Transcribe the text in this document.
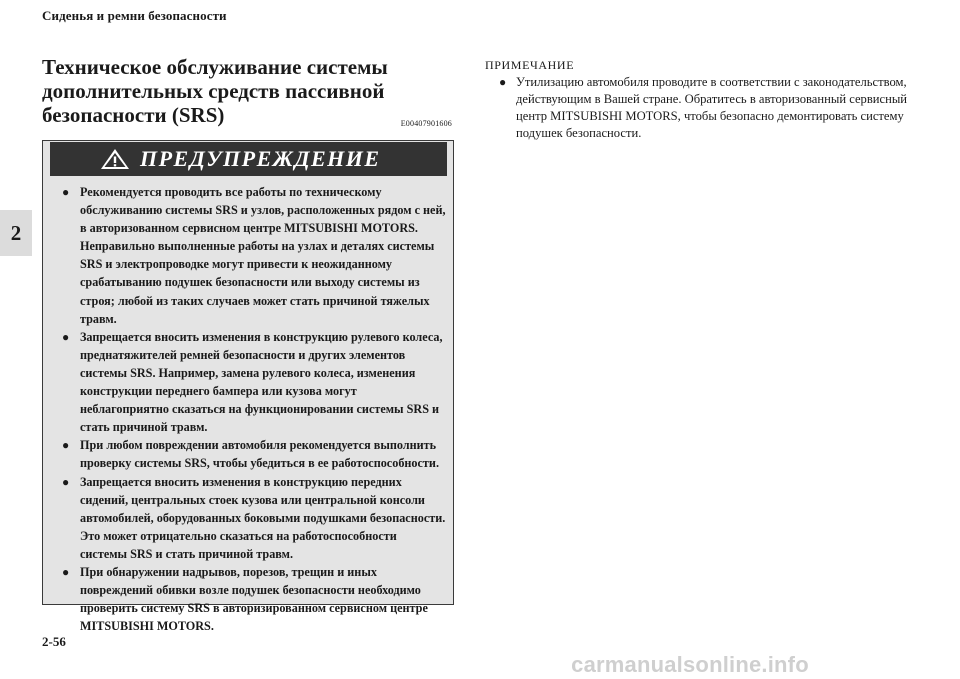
Сиденья и ремни безопасности
2
Техническое обслуживание системы дополнительных средств пассивной безопасности (SRS)	E00407901606
ПРЕДУПРЕЖДЕНИЕ
● Рекомендуется проводить все работы по техническому обслуживанию системы SRS и узлов, расположенных рядом с ней, в авторизованном сервисном центре MITSUBISHI MOTORS.

Неправильно выполненные работы на узлах и деталях системы SRS и электропроводке могут привести к неожиданному срабатыванию подушек безопасности или выходу системы из строя; любой из таких случаев может стать причиной тяжелых травм.

● Запрещается вносить изменения в конструкцию рулевого колеса, преднатяжителей ремней безопасности и других элементов системы SRS. Например, замена рулевого колеса, изменения конструкции переднего бампера или кузова могут неблагоприятно сказаться на функционировании системы SRS и стать причиной травм.

● При любом повреждении автомобиля рекомендуется выполнить проверку системы SRS, чтобы убедиться в ее работоспособности.

● Запрещается вносить изменения в конструкцию передних сидений, центральных стоек кузова или центральной консоли автомобилей, оборудованных боковыми подушками безопасности.

Это может отрицательно сказаться на работоспособности системы SRS и стать причиной травм.

● При обнаружении надрывов, порезов, трещин и иных повреждений обивки возле подушек безопасности необходимо проверить систему SRS в авторизированном сервисном центре MITSUBISHI MOTORS.

ПРИМЕЧАНИЕ
● Утилизацию автомобиля проводите в соответствии с законодательством, действующим в Вашей стране. Обратитесь в авторизованный сервисный центр MITSUBISHI MOTORS, чтобы безопасно демонтировать систему подушек безопасности.

2-56
carmanualsonline.info
